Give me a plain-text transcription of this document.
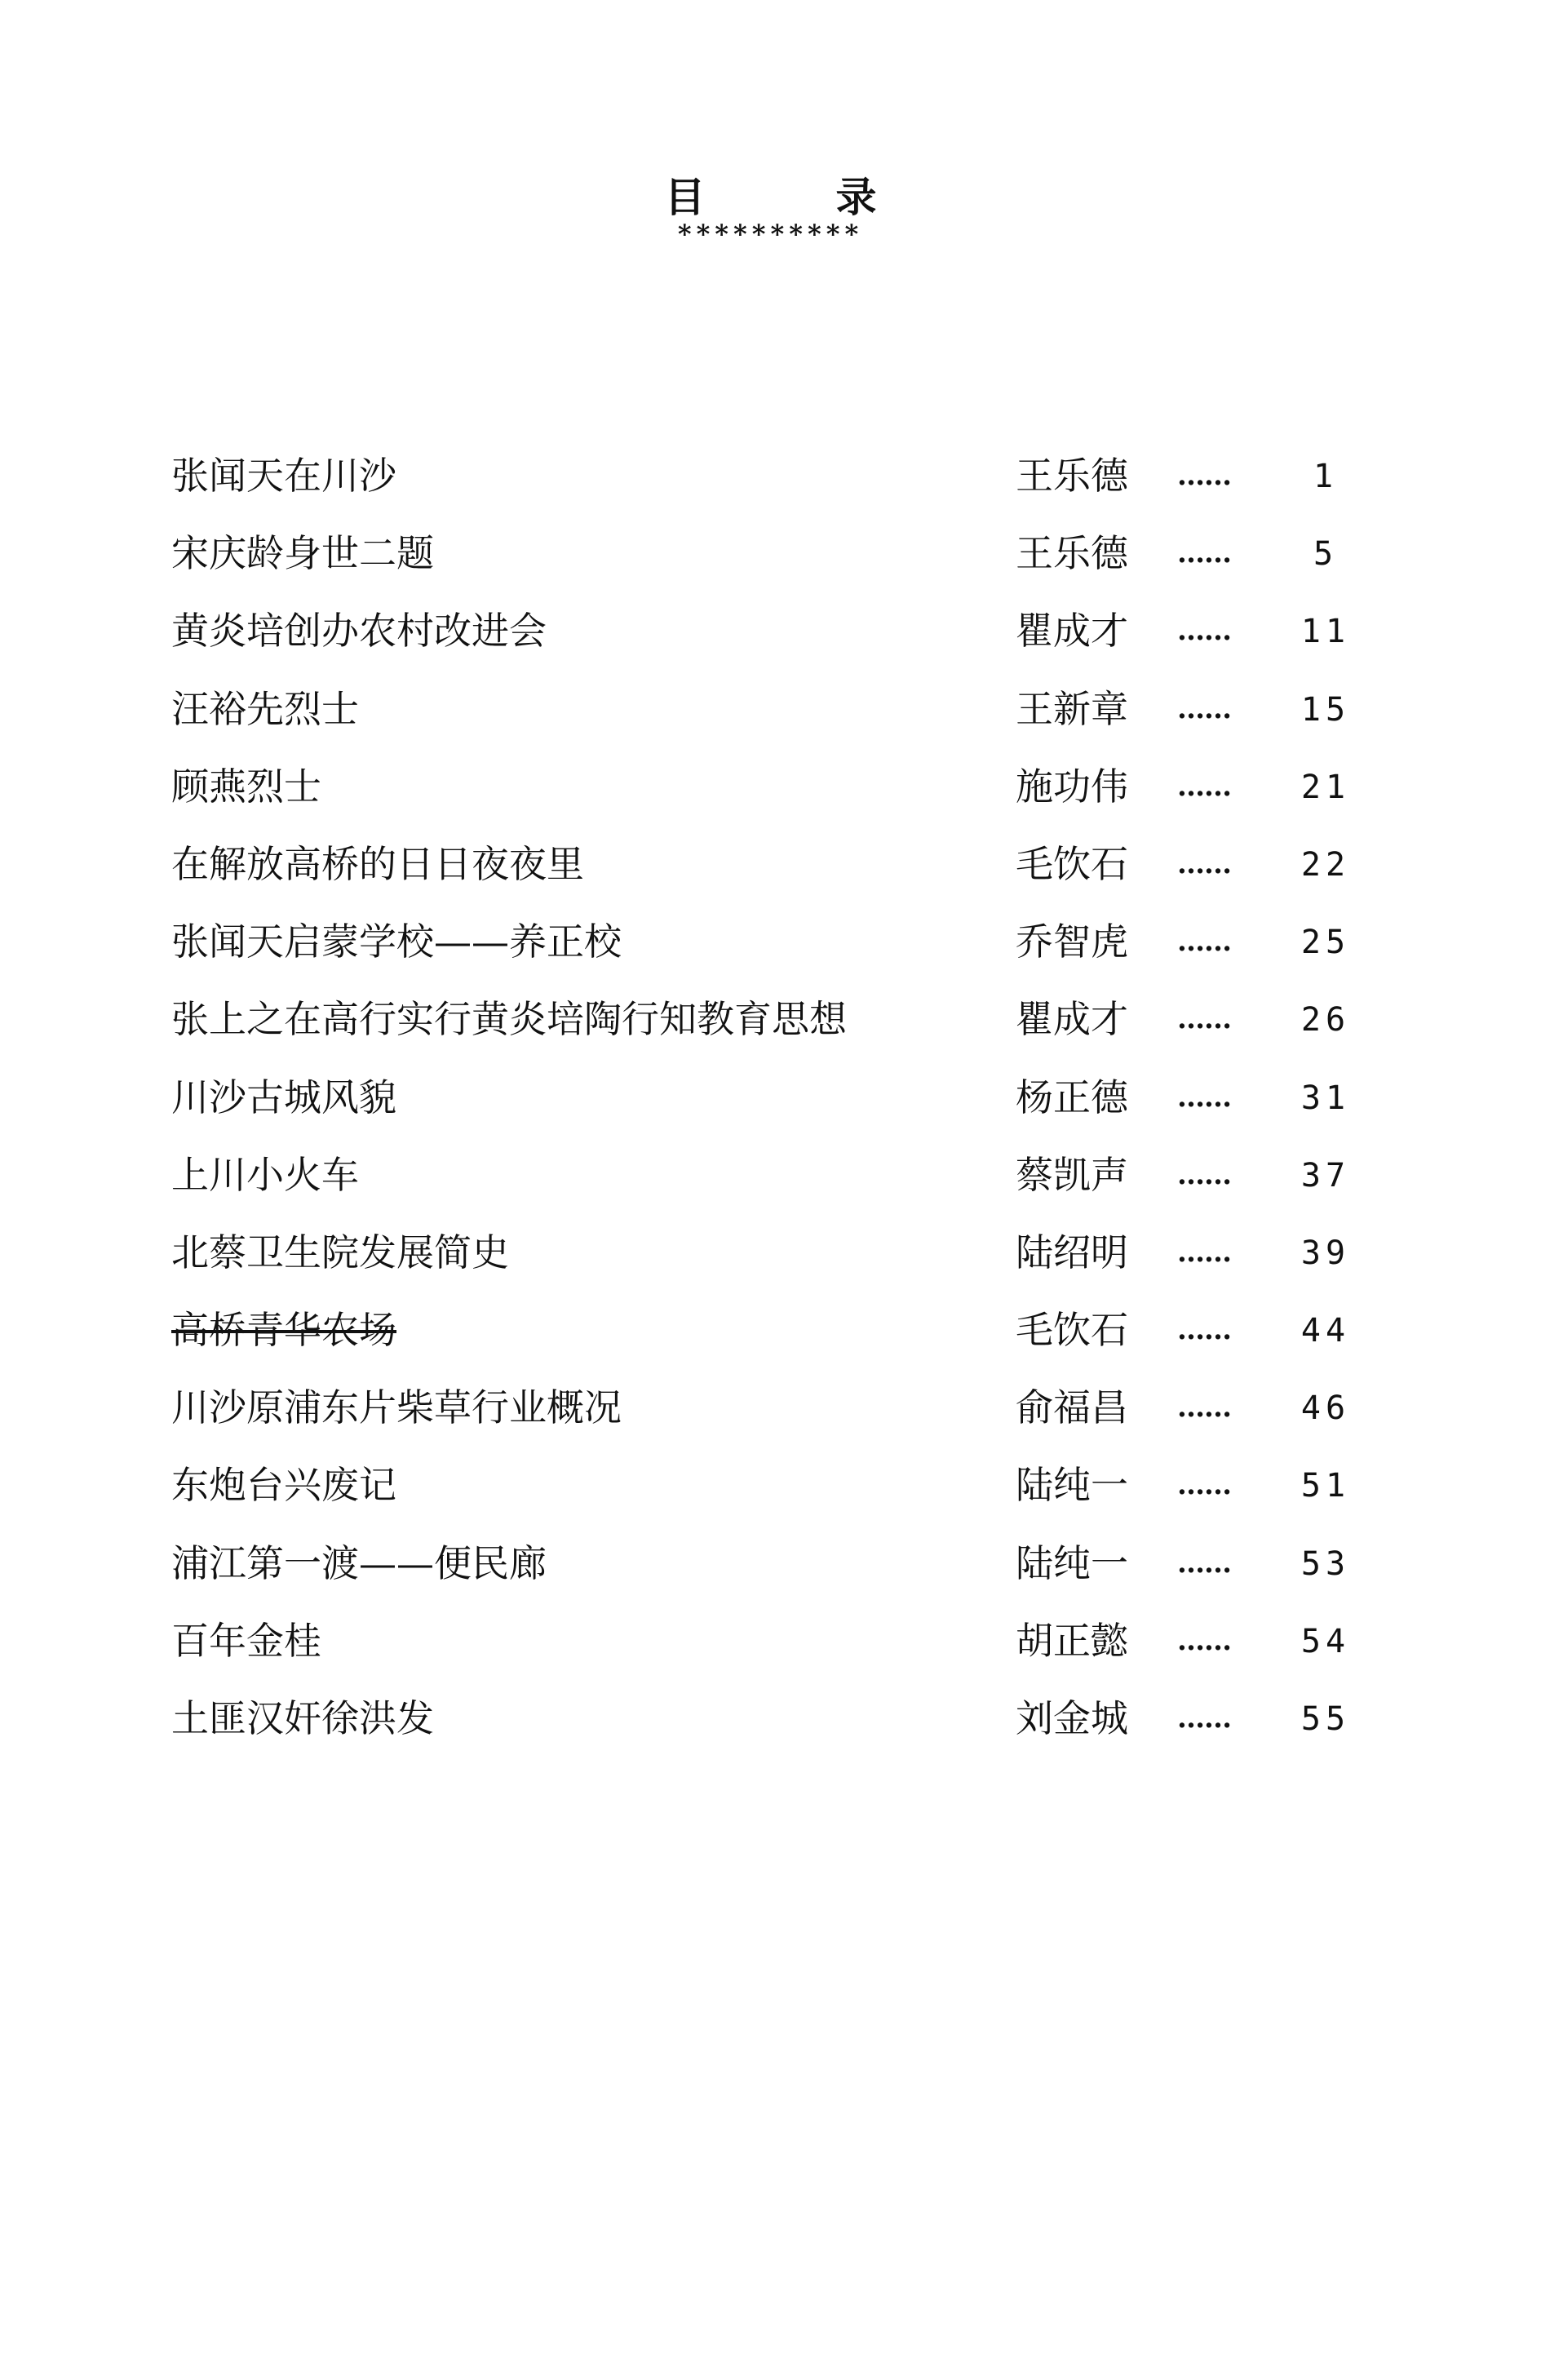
目录
**********
张闻天在川沙	王乐德 ……	1
宋庆龄身世二题	王乐德 ……	5
黄炎培创办农村改进会	瞿成才 ……	11
汪裕先烈士	王新章 ……	15
顾燕烈士	施功伟 ……	21
在解放高桥的日日夜夜里	毛饮石 ……	22
张闻天启蒙学校——养正校	乔智虎 ……	25
张上之在高行实行黄炎培陶行知教育思想	瞿成才 ……	26
川沙古城风貌	杨正德 ……	31
上川小火车	蔡凯声 ……	37
北蔡卫生院发展简史	陆绍明 ……	39
高桥青华农场	毛饮石 ……	44
川沙原浦东片柴草行业概况	俞福昌 ……	46
东炮台兴废记	陆纯一 ……	51
浦江第一渡——便民廊	陆纯一 ……	53
百年金桂	胡正懿 ……	54
土匪汉奸徐洪发	刘金城 ……	55
